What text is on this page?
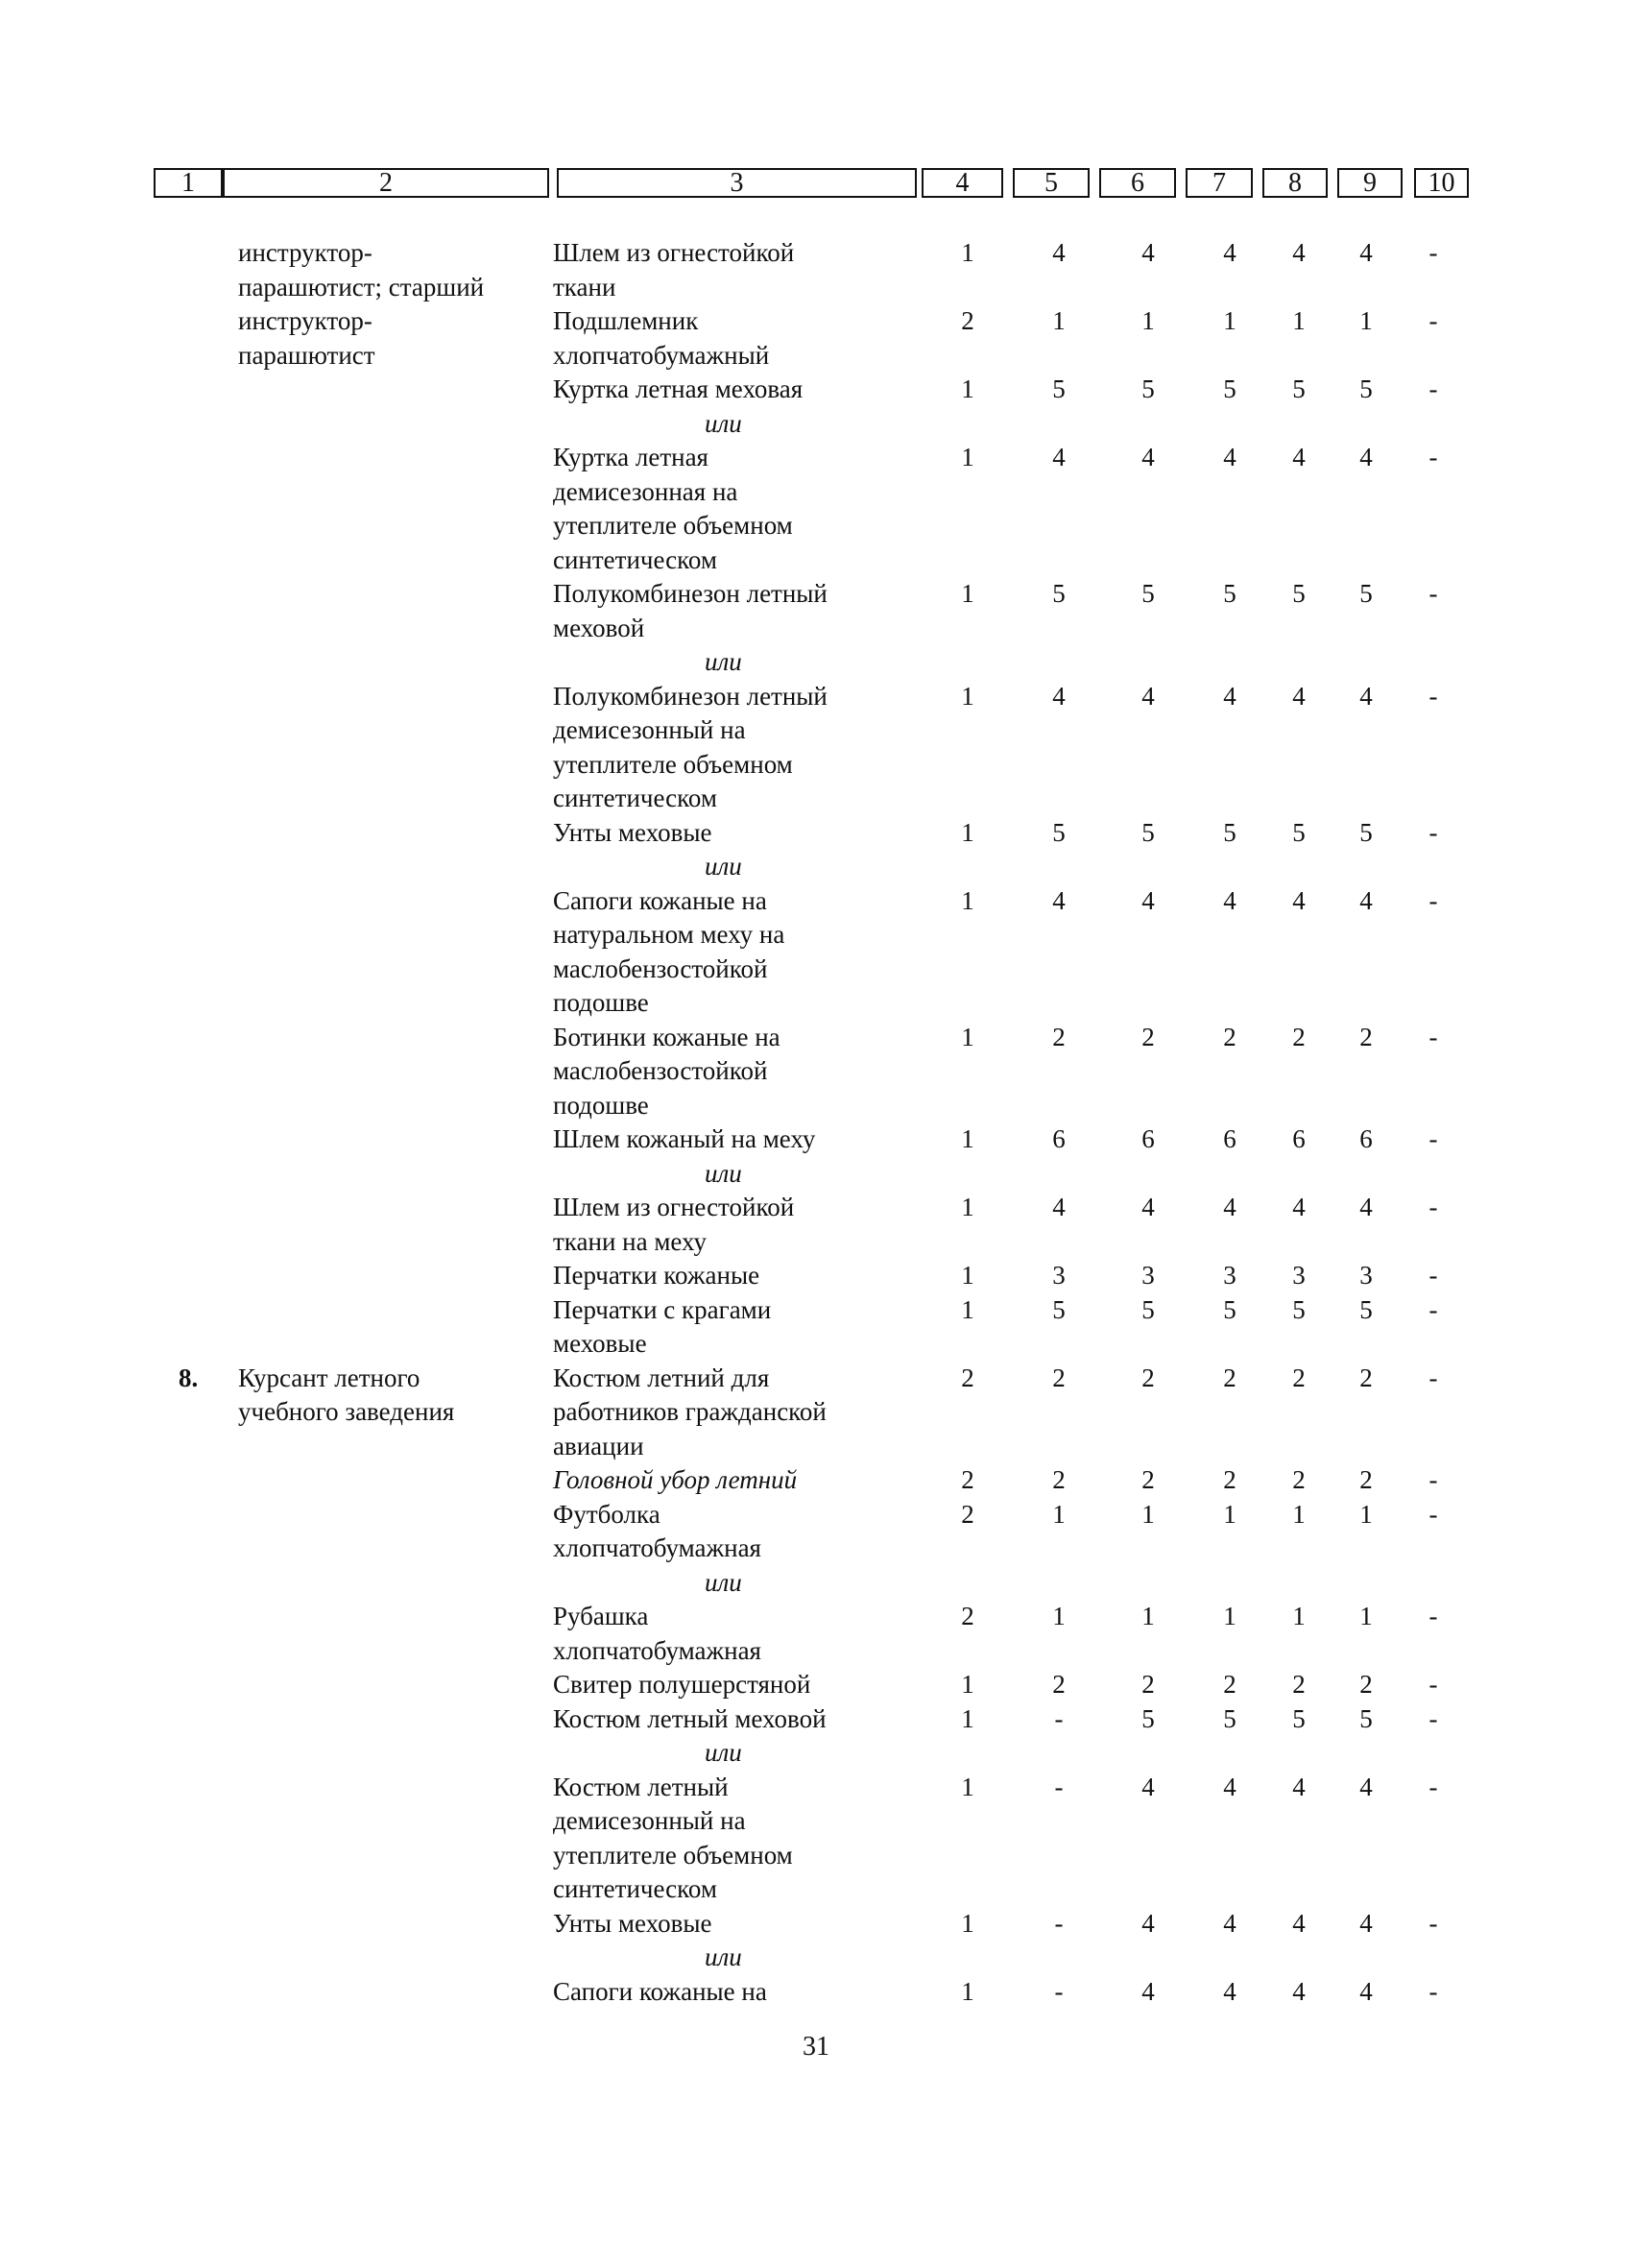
1	2	3	4	5	6	7	8	9	10
инструктор-	Шлем из огнестойкой	1	4	4	4	4	4	-
парашютист; старший	ткани
инструктор-	Подшлемник	2	1	1	1	1	1	-
парашютист	хлопчатобумажный
Куртка летная меховая	1	5	5	5	5	5	-
или
Куртка летная	1	4	4	4	4	4	-
демисезонная на
утеплителе объемном
синтетическом
Полукомбинезон летный	1	5	5	5	5	5	-
меховой
или
Полукомбинезон летный	1	4	4	4	4	4	-
демисезонный на
утеплителе объемном
синтетическом
Унты меховые	1	5	5	5	5	5	-
или
Сапоги кожаные на	1	4	4	4	4	4	-
натуральном меху на
маслобензостойкой
подошве
Ботинки кожаные на	1	2	2	2	2	2	-
маслобензостойкой
подошве
Шлем кожаный на меху	1	6	6	6	6	6	-
или
Шлем из огнестойкой	1	4	4	4	4	4	-
ткани на меху
Перчатки кожаные	1	3	3	3	3	3	-
Перчатки с крагами	1	5	5	5	5	5	-
меховые
8. Курсант летного	Костюм летний для	2	2	2	2	2	2	-
учебного заведения	работников гражданской
авиации
Головной убор летний	2	2	2	2	2	2	-
Футболка	2	1	1	1	1	1	-
хлопчатобумажная
или
Рубашка	2	1	1	1	1	1	-
хлопчатобумажная
Свитер полушерстяной	1	2	2	2	2	2	-
Костюм летный меховой	1	-	5	5	5	5	-
или
Костюм летный	1	-	4	4	4	4	-
демисезонный на
утеплителе объемном
синтетическом
Унты меховые	1	-	4	4	4	4	-
или
Сапоги кожаные на	1	-	4	4	4	4	-
31
